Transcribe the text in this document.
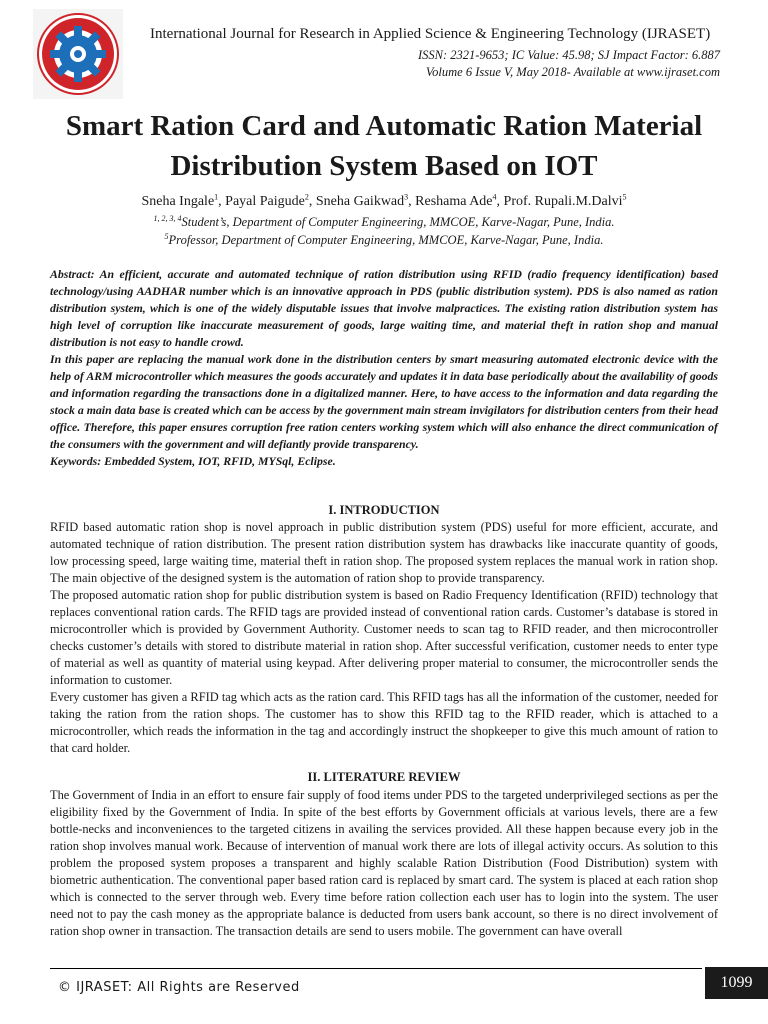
International Journal for Research in Applied Science & Engineering Technology (IJRASET)
ISSN: 2321-9653; IC Value: 45.98; SJ Impact Factor: 6.887
Volume 6 Issue V, May 2018- Available at www.ijraset.com
Smart Ration Card and Automatic Ration Material
Distribution System Based on IOT
Sneha Ingale$^1$, Payal Paigude$^2$, Sneha Gaikwad$^3$, Reshama Ade$^4$, Prof. Rupali.M.Dalvi$^5$
$^{1, 2, 3, 4}$Student’s, Department of Computer Engineering, MMCOE, Karve-Nagar, Pune, India.
$^5$Professor, Department of Computer Engineering, MMCOE, Karve-Nagar, Pune, India.

Abstract: An efficient, accurate and automated technique of ration distribution using RFID (radio frequency identification) based technology/using AADHAR number which is an innovative approach in PDS (public distribution system). PDS is also named as ration distribution system, which is one of the widely disputable issues that involve malpractices. The existing ration distribution system has high level of corruption like inaccurate measurement of goods, large waiting time, and material theft in ration shop and manual distribution is not easy to handle crowd.

In this paper are replacing the manual work done in the distribution centers by smart measuring automated electronic device with the help of ARM microcontroller which measures the goods accurately and updates it in data base periodically about the availability of goods and information regarding the transactions done in a digitalized manner. Here, to have access to the information and data regarding the stock a main data base is created which can be access by the government main stream invigilators for distribution centers from their head office. Therefore, this paper ensures corruption free ration centers working system which will also enhance the direct communication of the consumers with the government and will defiantly provide transparency.

Keywords: Embedded System, IOT, RFID, MYSql, Eclipse.

I. INTRODUCTION

RFID based automatic ration shop is novel approach in public distribution system (PDS) useful for more efficient, accurate, and automated technique of ration distribution. The present ration distribution system has drawbacks like inaccurate quantity of goods, low processing speed, large waiting time, material theft in ration shop. The proposed system replaces the manual work in ration shop. The main objective of the designed system is the automation of ration shop to provide transparency.

The proposed automatic ration shop for public distribution system is based on Radio Frequency Identification (RFID) technology that replaces conventional ration cards. The RFID tags are provided instead of conventional ration cards. Customer’s database is stored in microcontroller which is provided by Government Authority. Customer needs to scan tag to RFID reader, and then microcontroller checks customer’s details with stored to distribute material in ration shop. After successful verification, customer needs to enter type of material as well as quantity of material using keypad. After delivering proper material to consumer, the microcontroller sends the information to customer.

Every customer has given a RFID tag which acts as the ration card. This RFID tags has all the information of the customer, needed for taking the ration from the ration shops. The customer has to show this RFID tag to the RFID reader, which is attached to a microcontroller, which reads the information in the tag and accordingly instruct the shopkeeper to give this much amount of ration to that card holder.

II. LITERATURE REVIEW

The Government of India in an effort to ensure fair supply of food items under PDS to the targeted underprivileged sections as per the eligibility fixed by the Government of India. In spite of the best efforts by Government officials at various levels, there are a few bottle-necks and inconveniences to the targeted citizens in availing the services provided. All these happen because every job in the ration shop involves manual work. Because of intervention of manual work there are lots of illegal activity occurs. As solution to this problem the proposed system proposes a transparent and highly scalable Ration Distribution (Food Distribution) system with biometric authentication. The conventional paper based ration card is replaced by smart card. The system is placed at each ration shop which is connected to the server through web. Every time before ration collection each user has to login into the system. The user need not to pay the cash money as the appropriate balance is deducted from users bank account, so there is no direct involvement of ration shop owner in transaction. The transaction details are send to users mobile. The government can have overall

© IJRASET: All Rights are Reserved	1099
